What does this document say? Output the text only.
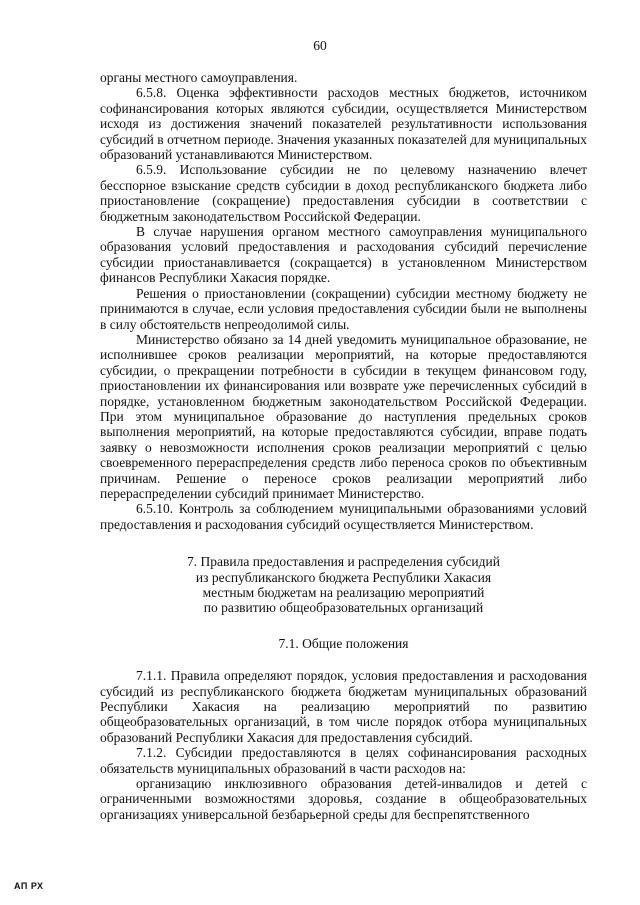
60

органы местного самоуправления.

6.5.8. Оценка эффективности расходов местных бюджетов, источником софинансирования которых являются субсидии, осуществляется Министерством исходя из достижения значений показателей результативности использования субсидий в отчетном периоде. Значения указанных показателей для муниципальных образований устанавливаются Министерством.

6.5.9. Использование субсидии не по целевому назначению влечет бесспорное взыскание средств субсидии в доход республиканского бюджета либо приостановление (сокращение) предоставления субсидии в соответствии с бюджетным законодательством Российской Федерации.

В случае нарушения органом местного самоуправления муниципального образования условий предоставления и расходования субсидий перечисление субсидии приостанавливается (сокращается) в установленном Министерством финансов Республики Хакасия порядке.

Решения о приостановлении (сокращении) субсидии местному бюджету не принимаются в случае, если условия предоставления субсидии были не выполнены в силу обстоятельств непреодолимой силы.

Министерство обязано за 14 дней уведомить муниципальное образование, не исполнившее сроков реализации мероприятий, на которые предоставляются субсидии, о прекращении потребности в субсидии в текущем финансовом году, приостановлении их финансирования или возврате уже перечисленных субсидий в порядке, установленном бюджетным законодательством Российской Федерации. При этом муниципальное образование до наступления предельных сроков выполнения мероприятий, на которые предоставляются субсидии, вправе подать заявку о невозможности исполнения сроков реализации мероприятий с целью своевременного перераспределения средств либо переноса сроков по объективным причинам. Решение о переносе сроков реализации мероприятий либо перераспределении субсидий принимает Министерство.

6.5.10. Контроль за соблюдением муниципальными образованиями условий предоставления и расходования субсидий осуществляется Министерством.

7. Правила предоставления и распределения субсидий
из республиканского бюджета Республики Хакасия
местным бюджетам на реализацию мероприятий
по развитию общеобразовательных организаций
7.1. Общие положения

7.1.1. Правила определяют порядок, условия предоставления и расходования субсидий из республиканского бюджета бюджетам муниципальных образований Республики Хакасия на реализацию мероприятий по развитию общеобразовательных организаций, в том числе порядок отбора муниципальных образований Республики Хакасия для предоставления субсидий.

7.1.2. Субсидии предоставляются в целях софинансирования расходных обязательств муниципальных образований в части расходов на:

организацию инклюзивного образования детей-инвалидов и детей с ограниченными возможностями здоровья, создание в общеобразовательных организациях универсальной безбарьерной среды для беспрепятственного

АП РХ
